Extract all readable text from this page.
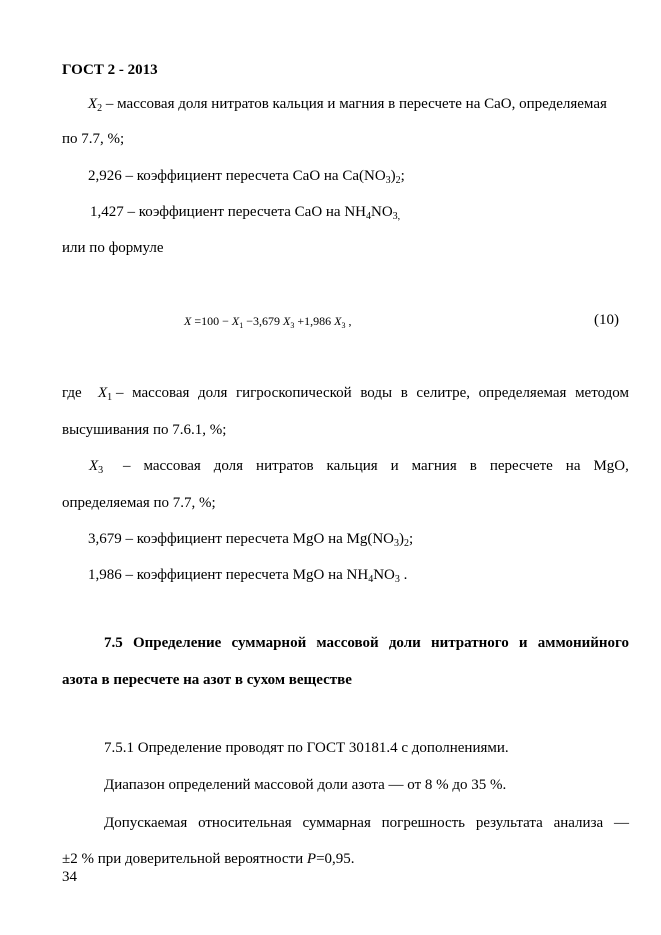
ГОСТ 2 - 2013
$X_2$ – массовая доля нитратов кальция и магния в пересчете на CaO, определяемая
по 7.7, %;
2,926 – коэффициент пересчета CaO на $Ca(NO_3)_2$;
1,427 – коэффициент пересчета CaO на $NH_4NO_{3,}$
или по формуле
$X =100 - X_1 -3,679$ $X_3 +1,986$ $X_3$ ,	(10)
где $X_1$ – массовая доля гигроскопической воды в селитре, определяемая методом
высушивания по 7.6.1, %;
$X_3$ – массовая доля нитратов кальция и магния в пересчете на MgO,
определяемая по 7.7, %;
3,679 – коэффициент пересчета MgO на $Mg(NO_3)_2$;
1,986 – коэффициент пересчета MgO на $NH_4NO_3$ .
7.5 Определение суммарной массовой доли нитратного и аммонийного
азота в пересчете на азот в сухом веществе
7.5.1 Определение проводят по ГОСТ 30181.4 с дополнениями.
Диапазон определений массовой доли азота — от 8 % до 35 %.
Допускаемая относительная суммарная погрешность результата анализа —
±2 % при доверительной вероятности P=0,95.
34
